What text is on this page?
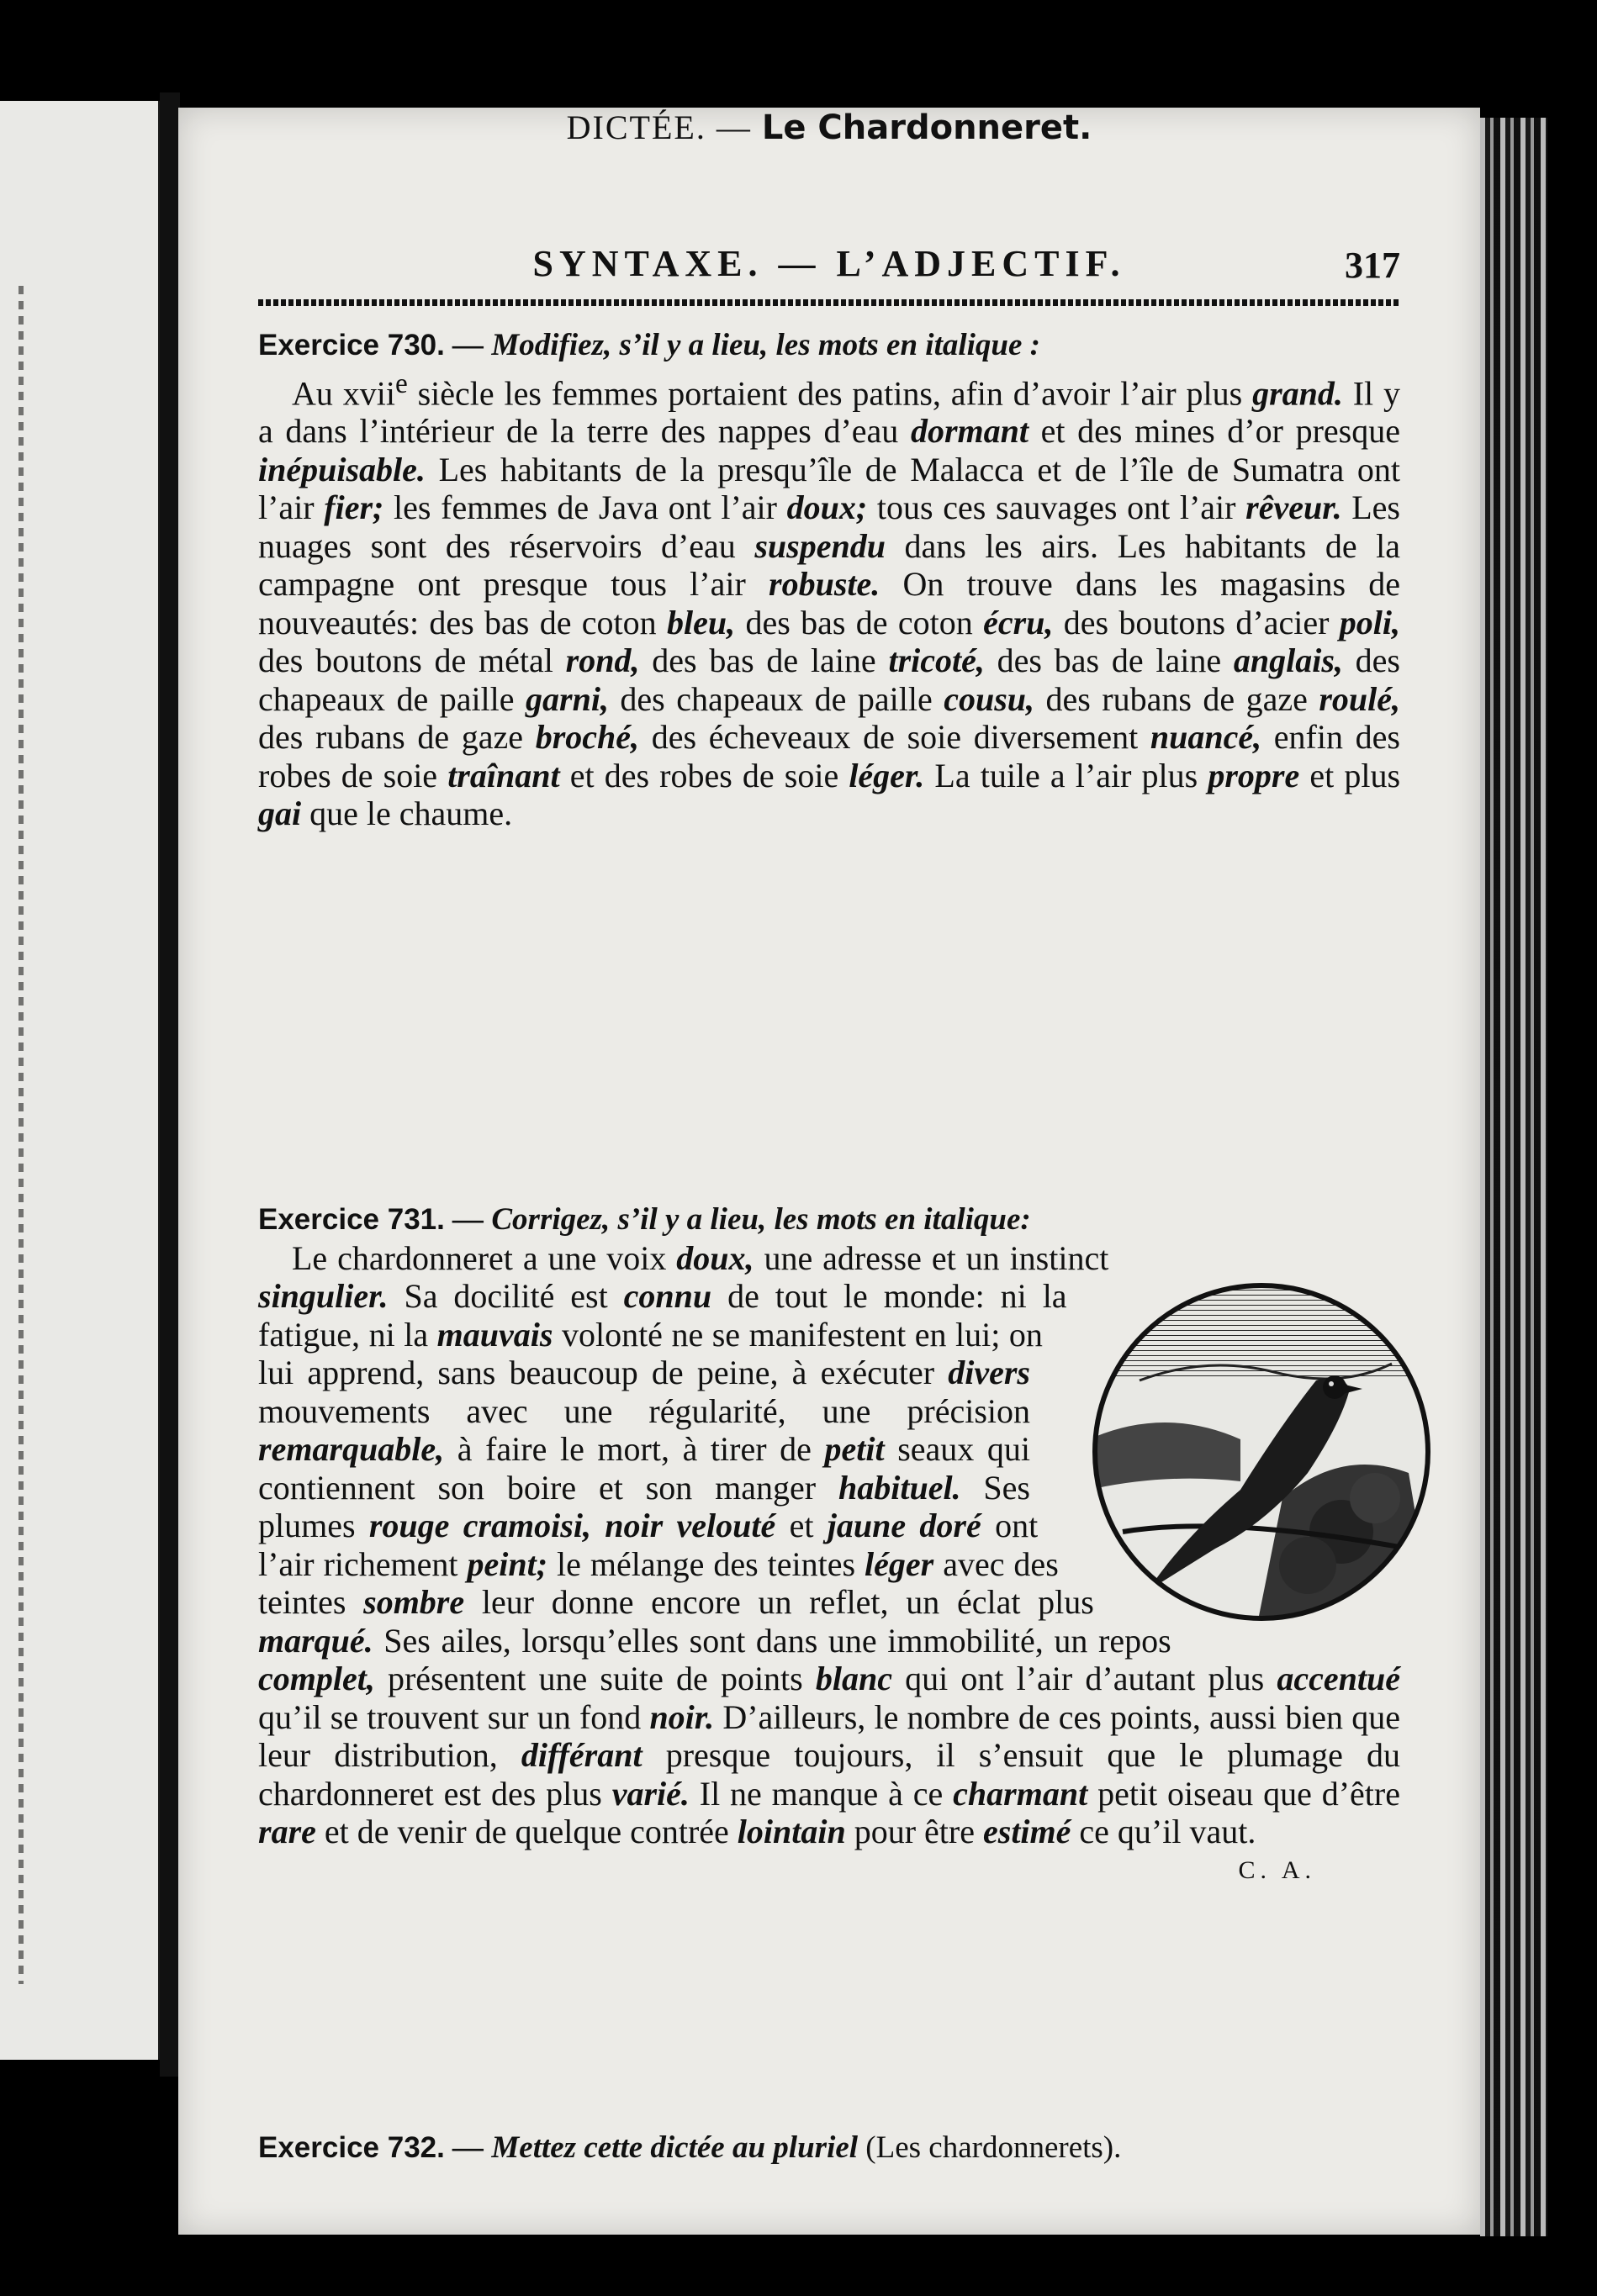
SYNTAXE. — L’ADJECTIF.	317
Exercice 730. — Modifiez, s’il y a lieu, les mots en italique :
Au xvii$^e$ siècle les femmes portaient des patins, afin d’avoir l’air plus grand. Il y a dans l’intérieur de la terre des nappes d’eau dormant et des mines d’or presque inépuisable. Les habitants de la presqu’île de Malacca et de l’île de Sumatra ont l’air fier; les femmes de Java ont l’air doux; tous ces sauvages ont l’air rêveur. Les nuages sont des réservoirs d’eau suspendu dans les airs. Les habitants de la campagne ont presque tous l’air robuste. On trouve dans les magasins de nouveautés: des bas de coton bleu, des bas de coton écru, des boutons d’acier poli, des boutons de métal rond, des bas de laine tricoté, des bas de laine anglais, des chapeaux de paille garni, des chapeaux de paille cousu, des rubans de gaze roulé, des rubans de gaze broché, des écheveaux de soie diversement nuancé, enfin des robes de soie traînant et des robes de soie léger. La tuile a l’air plus propre et plus gai que le chaume.
DICTÉE. — Le Chardonneret.
Exercice 731. — Corrigez, s’il y a lieu, les mots en italique:
Le chardonneret a une voix doux, une adresse et un instinct singulier. Sa docilité est connu de tout le monde: ni la fatigue, ni la mauvais volonté ne se manifestent en lui; on lui apprend, sans beaucoup de peine, à exécuter divers mouvements avec une régularité, une précision remarquable, à faire le mort, à tirer de petit seaux qui contiennent son boire et son manger habituel. Ses plumes rouge cramoisi, noir velouté et jaune doré ont l’air richement peint; le mélange des teintes léger avec des teintes sombre leur donne encore un reflet, un éclat plus marqué. Ses ailes, lorsqu’elles sont dans une immobilité, un repos complet, présentent une suite de points blanc qui ont l’air d’autant plus accentué qu’il se trouvent sur un fond noir. D’ailleurs, le nombre de ces points, aussi bien que leur distribution, différant presque toujours, il s’ensuit que le plumage du chardonneret est des plus varié. Il ne manque à ce charmant petit oiseau que d’être rare et de venir de quelque contrée lointain pour être estimé ce qu’il vaut.
C. A.
Exercice 732. — Mettez cette dictée au pluriel (Les chardonnerets).
